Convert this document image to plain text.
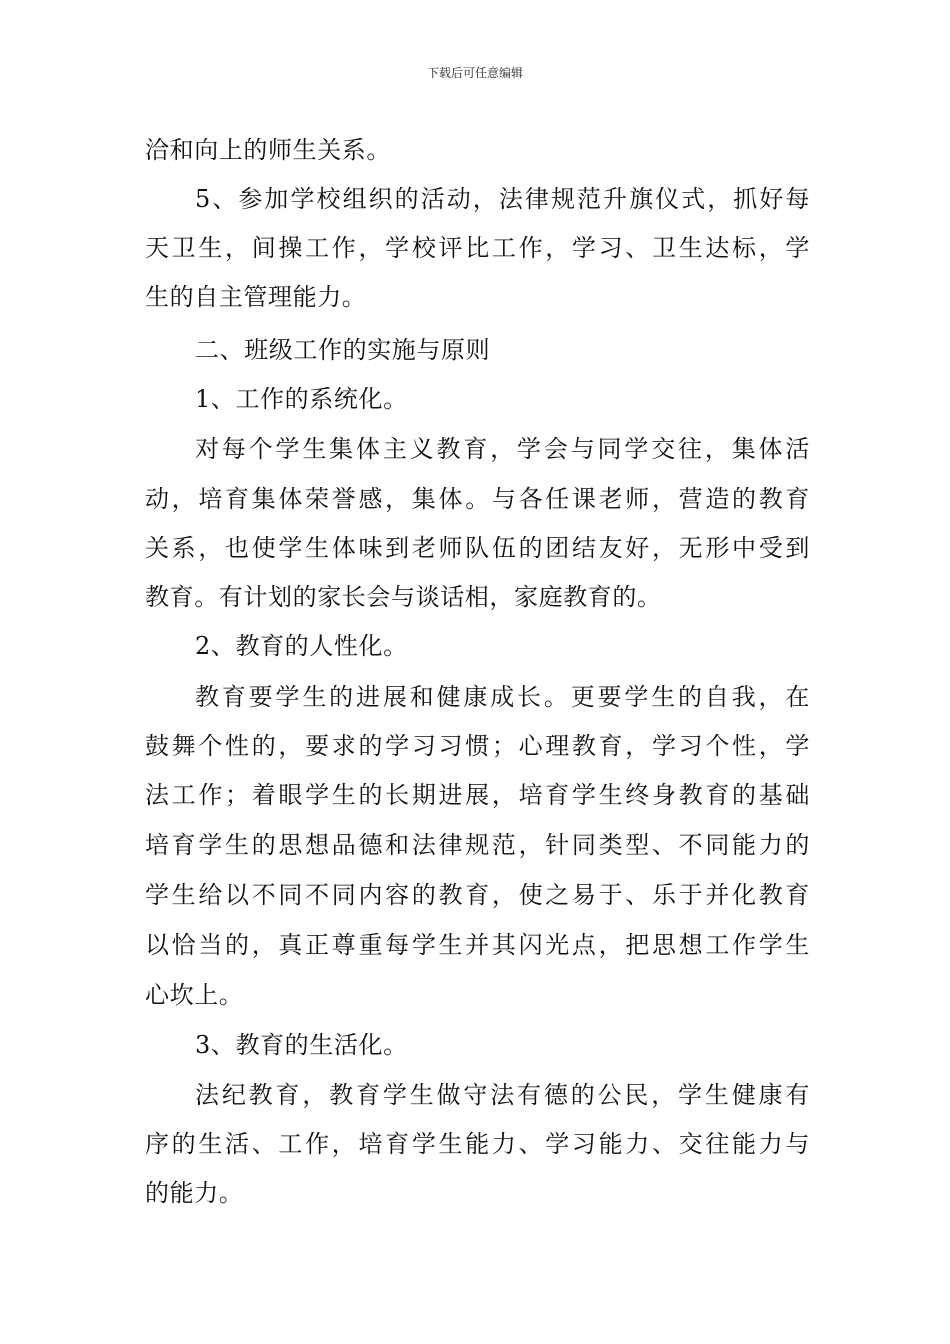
下载后可任意编辑
洽和向上的师生关系。
5、参加学校组织的活动，法律规范升旗仪式，抓好每
天卫生，间操工作，学校评比工作，学习、卫生达标，学
生的自主管理能力。
二、班级工作的实施与原则
1、工作的系统化。
对每个学生集体主义教育，学会与同学交往，集体活
动，培育集体荣誉感，集体。与各任课老师，营造的教育
关系，也使学生体味到老师队伍的团结友好，无形中受到
教育。有计划的家长会与谈话相，家庭教育的。
2、教育的人性化。
教育要学生的进展和健康成长。更要学生的自我，在
鼓舞个性的，要求的学习习惯；心理教育，学习个性，学
法工作；着眼学生的长期进展，培育学生终身教育的基础
培育学生的思想品德和法律规范，针同类型、不同能力的
学生给以不同不同内容的教育，使之易于、乐于并化教育
以恰当的，真正尊重每学生并其闪光点，把思想工作学生
心坎上。
3、教育的生活化。
法纪教育，教育学生做守法有德的公民，学生健康有
序的生活、工作，培育学生能力、学习能力、交往能力与
的能力。
